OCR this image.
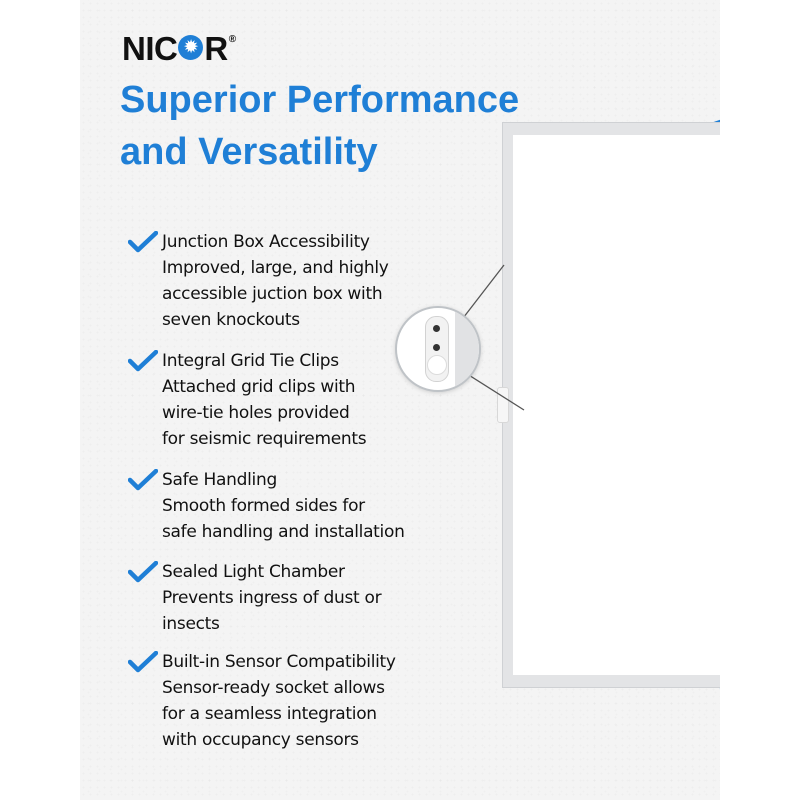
NIC
✹ R ®
Superior Performance and Versatility
Junction Box Accessibility
Improved, large, and highly
accessible juction box with
seven knockouts
Integral Grid Tie Clips
Attached grid clips with
wire-tie holes provided
for seismic requirements
Safe Handling
Smooth formed sides for
safe handling and installation
Sealed Light Chamber
Prevents ingress of dust or
insects
Built-in Sensor Compatibility
Sensor-ready socket allows
for a seamless integration
with occupancy sensors
